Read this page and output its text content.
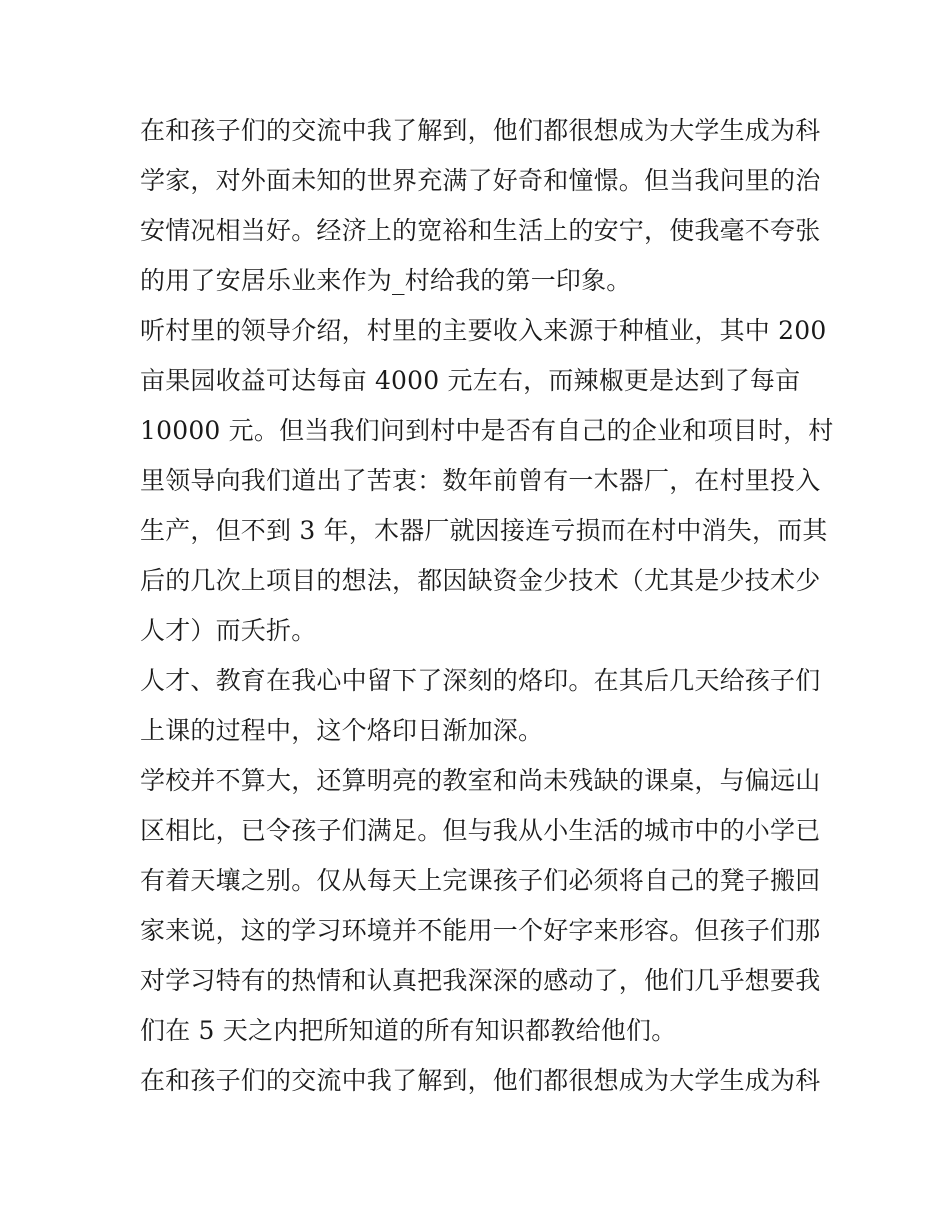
在和孩子们的交流中我了解到，他们都很想成为大学生成为科
学家，对外面未知的世界充满了好奇和憧憬。但当我问里的治
安情况相当好。经济上的宽裕和生活上的安宁，使我毫不夸张
的用了安居乐业来作为_村给我的第一印象。
听村里的领导介绍，村里的主要收入来源于种植业，其中 200
亩果园收益可达每亩 4000 元左右，而辣椒更是达到了每亩
10000 元。但当我们问到村中是否有自己的企业和项目时，村
里领导向我们道出了苦衷：数年前曾有一木器厂，在村里投入
生产，但不到 3 年，木器厂就因接连亏损而在村中消失，而其
后的几次上项目的想法，都因缺资金少技术（尤其是少技术少
人才）而夭折。
人才、教育在我心中留下了深刻的烙印。在其后几天给孩子们
上课的过程中，这个烙印日渐加深。
学校并不算大，还算明亮的教室和尚未残缺的课桌，与偏远山
区相比，已令孩子们满足。但与我从小生活的城市中的小学已
有着天壤之别。仅从每天上完课孩子们必须将自己的凳子搬回
家来说，这的学习环境并不能用一个好字来形容。但孩子们那
对学习特有的热情和认真把我深深的感动了，他们几乎想要我
们在 5 天之内把所知道的所有知识都教给他们。
在和孩子们的交流中我了解到，他们都很想成为大学生成为科
